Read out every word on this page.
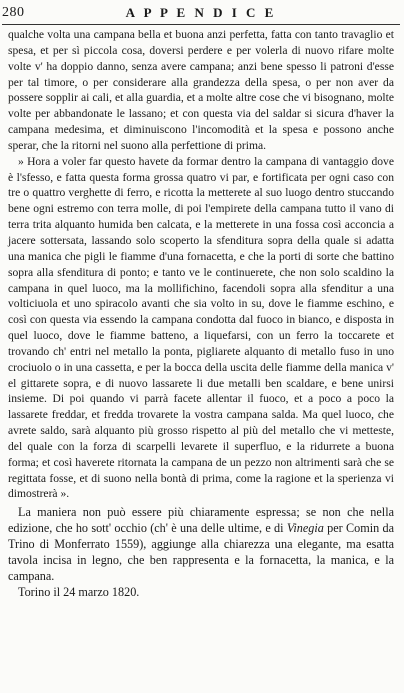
280	A P P E N D I C E

qualche volta una campana bella et buona anzi perfetta, fatta con tanto travaglio et spesa, et per sì piccola cosa, doversi perdere e per volerla di nuovo rifare molte volte v' ha doppio danno, senza avere campana; anzi bene spesso li patroni d'esse per tal timore, o per considerare alla grandezza della spesa, o per non aver da possere sopplir ai cali, et alla guardia, et a molte altre cose che vi bisognano, molte volte per abbandonate le lassano; et con questa via del saldar si sicura d'haver la campana medesima, et diminuiscono l'incomodità et la spesa e possono anche sperar, che la ritorni nel suono alla perfettione di prima.

» Hora a voler far questo havete da formar dentro la campana di vantaggio dove è l'sfesso, e fatta questa forma grossa quatro vi par, e fortificata per ogni caso con tre o quattro verghette di ferro, e ricotta la metterete al suo luogo dentro stuccando bene ogni estremo con terra molle, di poi l'empirete della campana tutto il vano di terra trita alquanto humida ben calcata, e la metterete in una fossa così acconcia a jacere sottersata, lassando solo scoperto la sfenditura sopra della quale si adatta una manica che pigli le fiamme d'una fornacetta, e che la porti di sorte che battino sopra alla sfenditura di ponto; e tanto ve le continuerete, che non solo scaldino la campana in quel luoco, ma la mollifichino, facendoli sopra alla sfenditur a una volticiuola et uno spiracolo avanti che sia volto in su, dove le fiamme eschino, e così con questa via essendo la campana condotta dal fuoco in bianco, e disposta in quel luoco, dove le fiamme batteno, a liquefarsi, con un ferro la toccarete et trovando ch' entri nel metallo la ponta, pigliarete alquanto di metallo fuso in uno crociuolo o in una cassetta, e per la bocca della uscita delle fiamme della manica v' el gittarete sopra, e di nuovo lassarete li due metalli ben scaldare, e bene unirsi insieme. Di poi quando vi parrà facete allentar il fuoco, et a poco a poco la lassarete freddar, et fredda trovarete la vostra campana salda. Ma quel luoco, che avrete saldo, sarà alquanto più grosso rispetto al più del metallo che vi metteste, del quale con la forza di scarpelli levarete il superfluo, e la ridurrete a buona forma; et così haverete ritornata la campana de un pezzo non altrimenti sarà che se regittata fosse, et di suono nella bontà di prima, come la ragione et la sperienza vi dimostrerà ».

La maniera non può essere più chiaramente espressa; se non che nella edizione, che ho sott' occhio (ch' è una delle ultime, e di Vinegia per Comin da Trino di Monferrato 1559), aggiunge alla chiarezza una elegante, ma esatta tavola incisa in legno, che ben rappresenta e la fornacetta, la manica, e la campana.

Torino il 24 marzo 1820.
